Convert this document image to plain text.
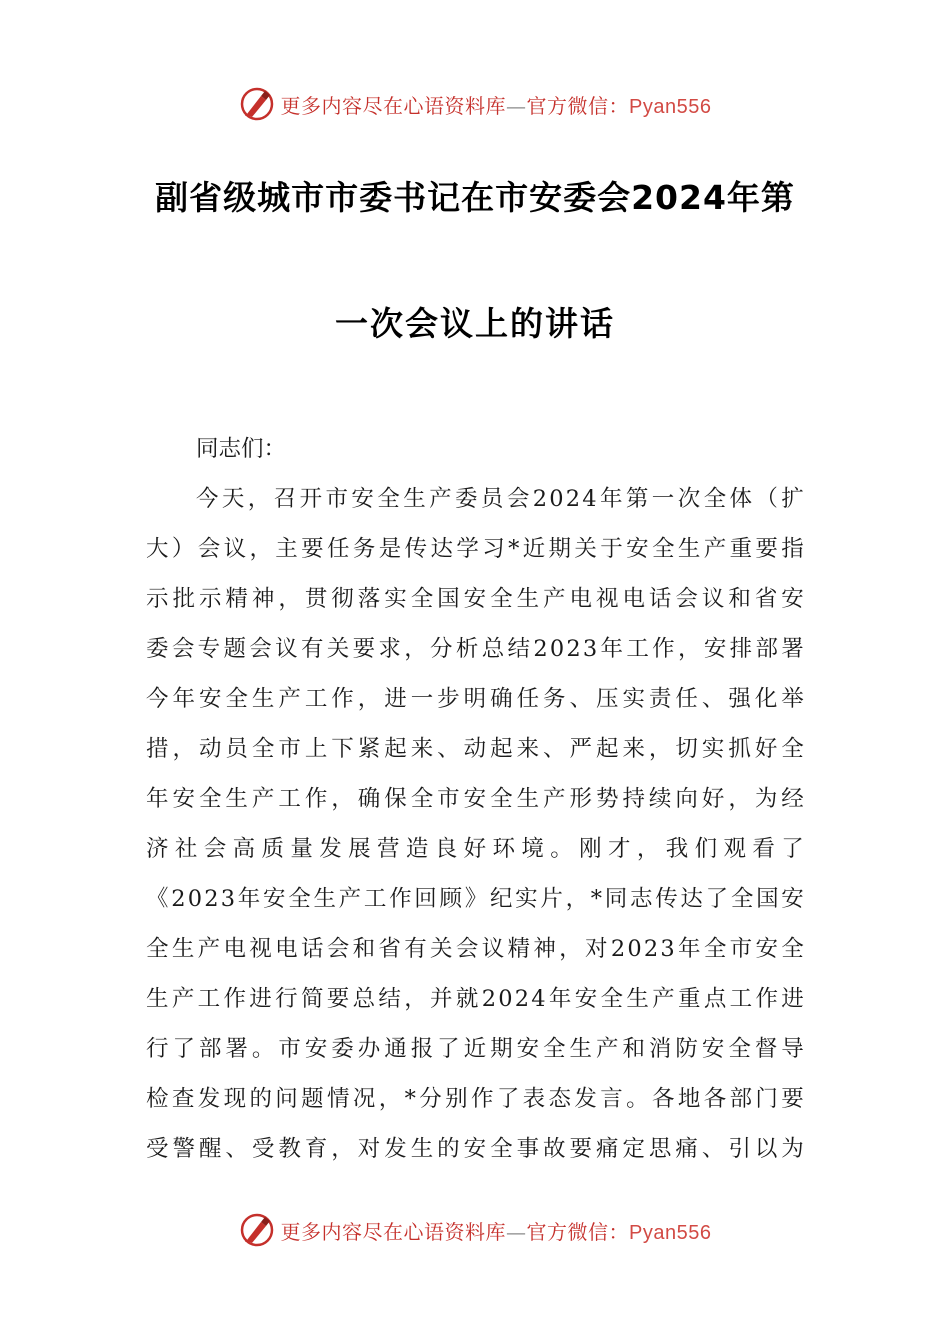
更多内容尽在心语资料库—官方微信：Pyan556
副省级城市市委书记在市安委会2024年第
一次会议上的讲话
同志们：
今天，召开市安全生产委员会2024年第一次全体（扩
大）会议，主要任务是传达学习*近期关于安全生产重要指
示批示精神，贯彻落实全国安全生产电视电话会议和省安
委会专题会议有关要求，分析总结2023年工作，安排部署
今年安全生产工作，进一步明确任务、压实责任、强化举
措，动员全市上下紧起来、动起来、严起来，切实抓好全
年安全生产工作，确保全市安全生产形势持续向好，为经
济社会高质量发展营造良好环境。刚才，我们观看了
《2023年安全生产工作回顾》纪实片，*同志传达了全国安
全生产电视电话会和省有关会议精神，对2023年全市安全
生产工作进行简要总结，并就2024年安全生产重点工作进
行了部署。市安委办通报了近期安全生产和消防安全督导
检查发现的问题情况，*分别作了表态发言。各地各部门要
受警醒、受教育，对发生的安全事故要痛定思痛、引以为
更多内容尽在心语资料库—官方微信：Pyan556
